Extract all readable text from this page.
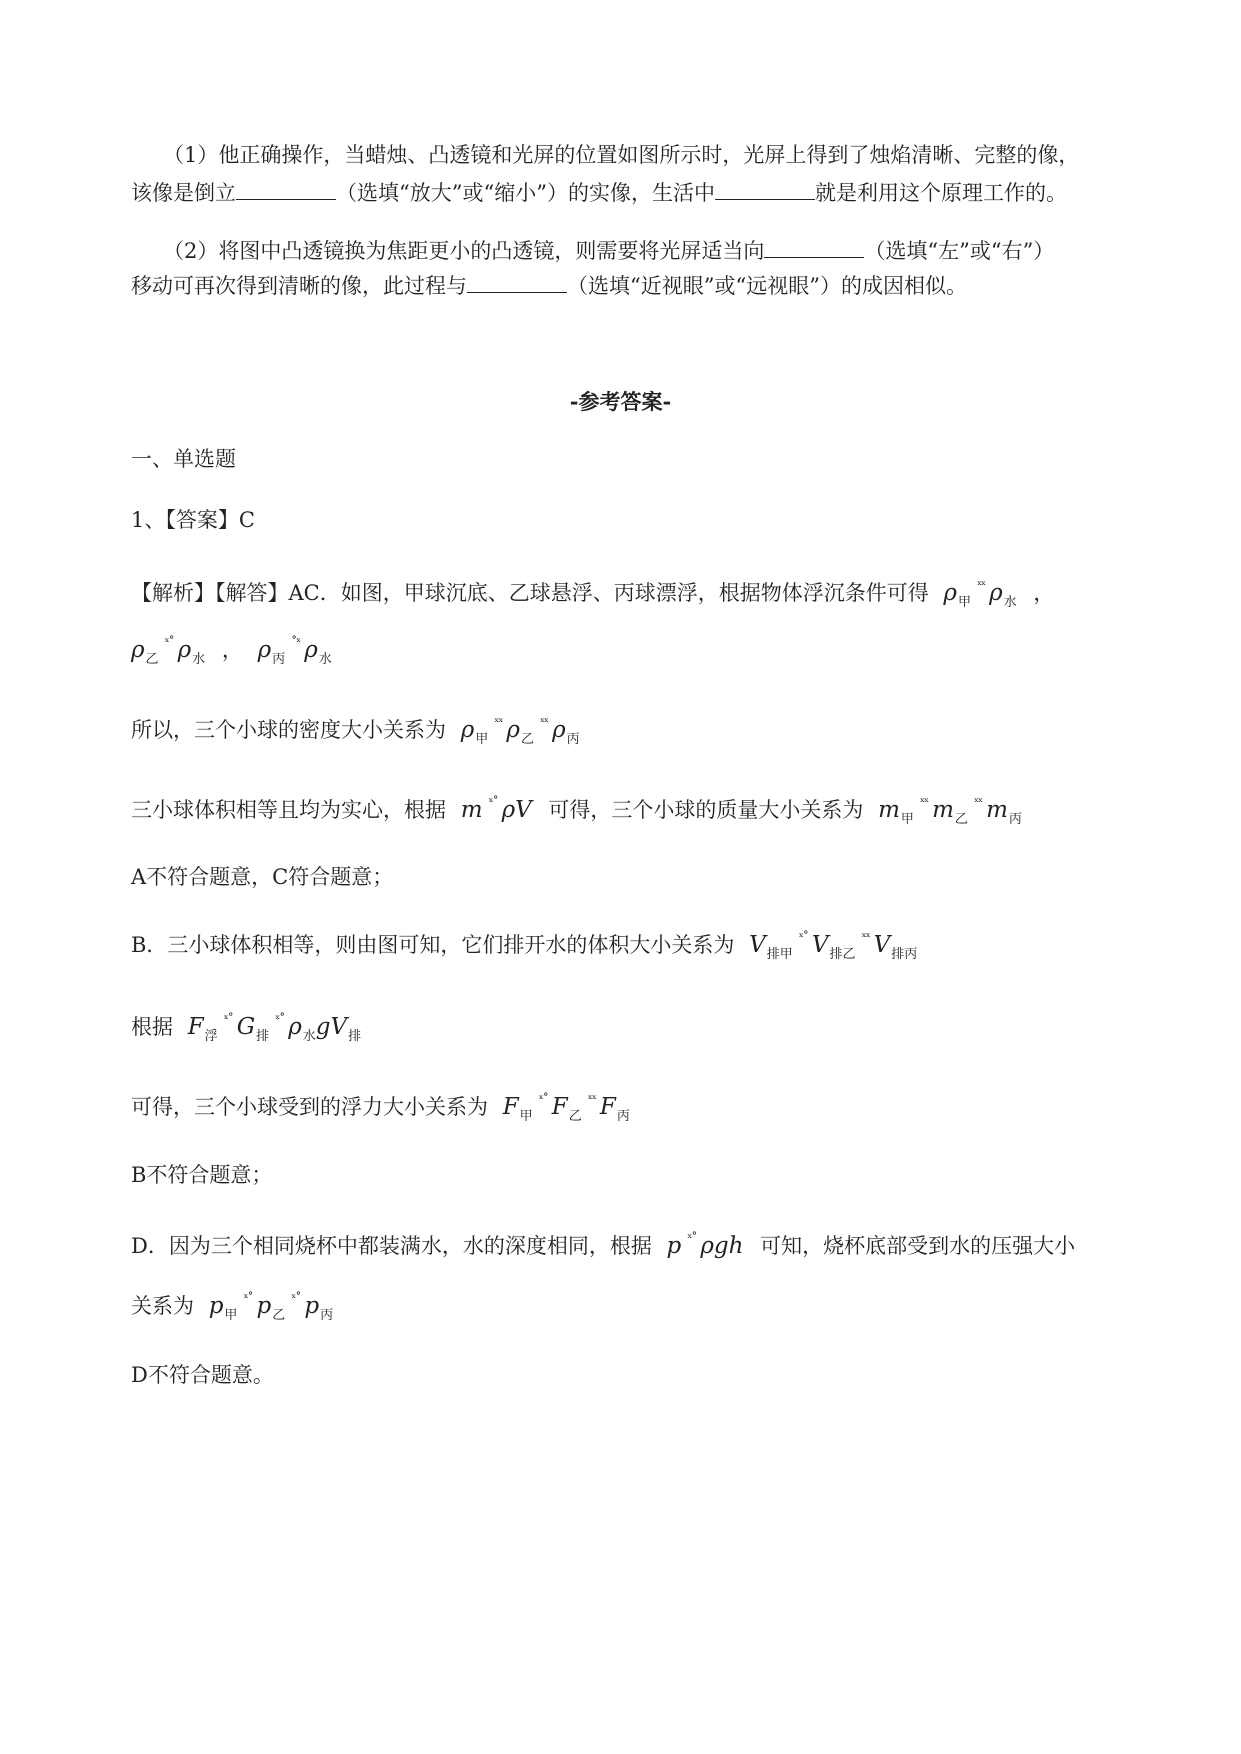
（1）他正确操作，当蜡烛、凸透镜和光屏的位置如图所示时，光屏上得到了烛焰清晰、完整的像，
该像是倒立	（选填“放大”或“缩小”）的实像，生活中	就是利用这个原理工作的。
（2）将图中凸透镜换为焦距更小的凸透镜，则需要将光屏适当向	（选填“左”或“右”）
移动可再次得到清晰的像，此过程与	（选填“近视眼”或“远视眼”）的成因相似。
-参考答案-
一、单选题
1、【答案】C
【解析】【解答】AC．如图，甲球沉底、乙球悬浮、丙球漂浮，根据物体浮沉条件可得 $\rho_甲ˣˣ$ $\rho_水$ ，
$\rho_乙ˣ˚$ $\rho_水$ ， $\rho_丙˚ˣ$ $\rho_水$
所以，三个小球的密度大小关系为 $\rho_甲ˣˣ$ $\rho_乙ˣˣ$ $\rho_丙$
三小球体积相等且均为实心，根据 m ˣ˚ ρV 可得，三个小球的质量大小关系为 $m_甲ˣˣ$ $m_乙ˣˣ$ $m_丙$
A不符合题意，C符合题意；
B．三小球体积相等，则由图可知，它们排开水的体积大小关系为 $V_{排甲}ˣ˚$ $V_{排乙}ˣˣ$ $V_{排丙}$
根据 $F_浮ˣ˚$ $G_排ˣ˚$ $\rho_水gV_排$
可得，三个小球受到的浮力大小关系为 $F_甲ˣ˚$ $F_乙ˣˣ$ $F_丙$
B不符合题意；
D．因为三个相同烧杯中都装满水，水的深度相同，根据 p ˣ˚ ρgh 可知，烧杯底部受到水的压强大小
关系为 $p_甲ˣ˚$ $p_乙ˣ˚$ $p_丙$
D不符合题意。
